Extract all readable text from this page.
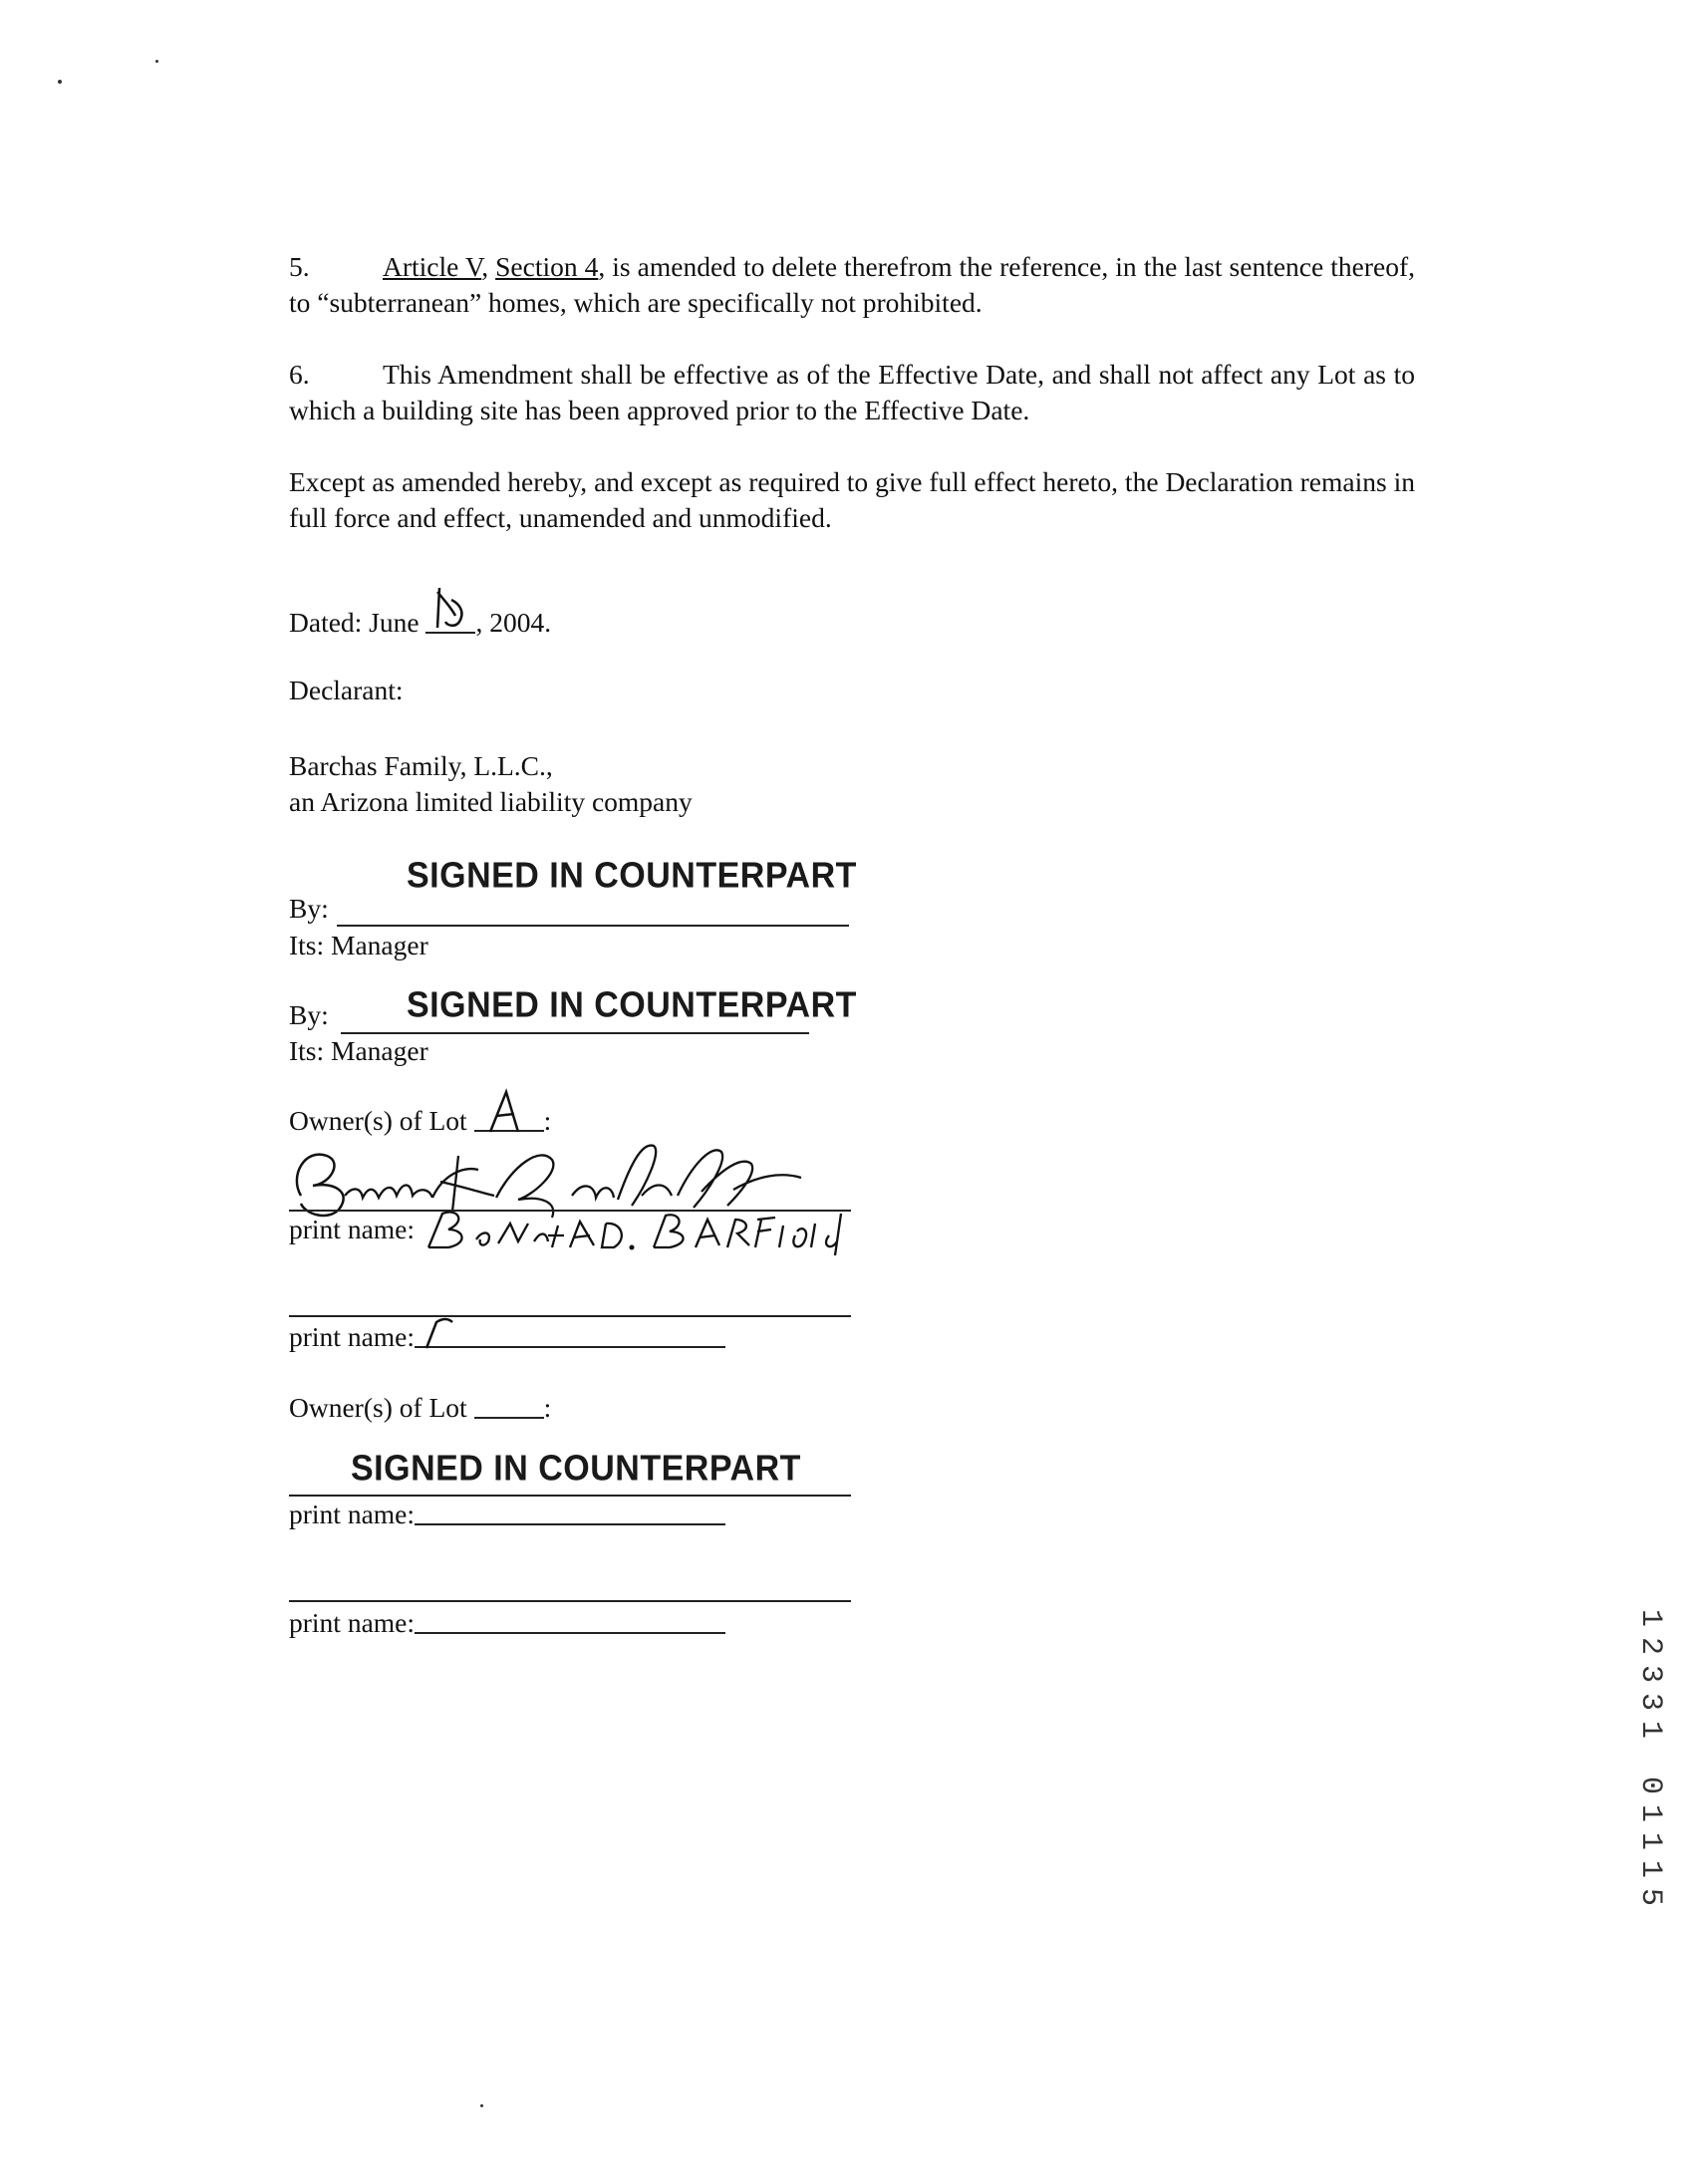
5.	Article V, Section 4, is amended to delete therefrom the reference, in the last sentence thereof, to “subterranean” homes, which are specifically not prohibited.

6.	This Amendment shall be effective as of the Effective Date, and shall not affect any Lot as to which a building site has been approved prior to the Effective Date.

Except as amended hereby, and except as required to give full effect hereto, the Declaration remains in full force and effect, unamended and unmodified.

Dated: June
, 2004.
Declarant:
Barchas Family, L.L.C.,
an Arizona limited liability company
SIGNED IN COUNTERPART
By:
Its: Manager
By: SIGNED IN COUNTERPART
Its: Manager
Owner(s) of Lot	:
print name:
print name:
Owner(s) of Lot	:
SIGNED IN COUNTERPART
print name:
print name:	1
2
3
3
1

0
1
1
1
5
